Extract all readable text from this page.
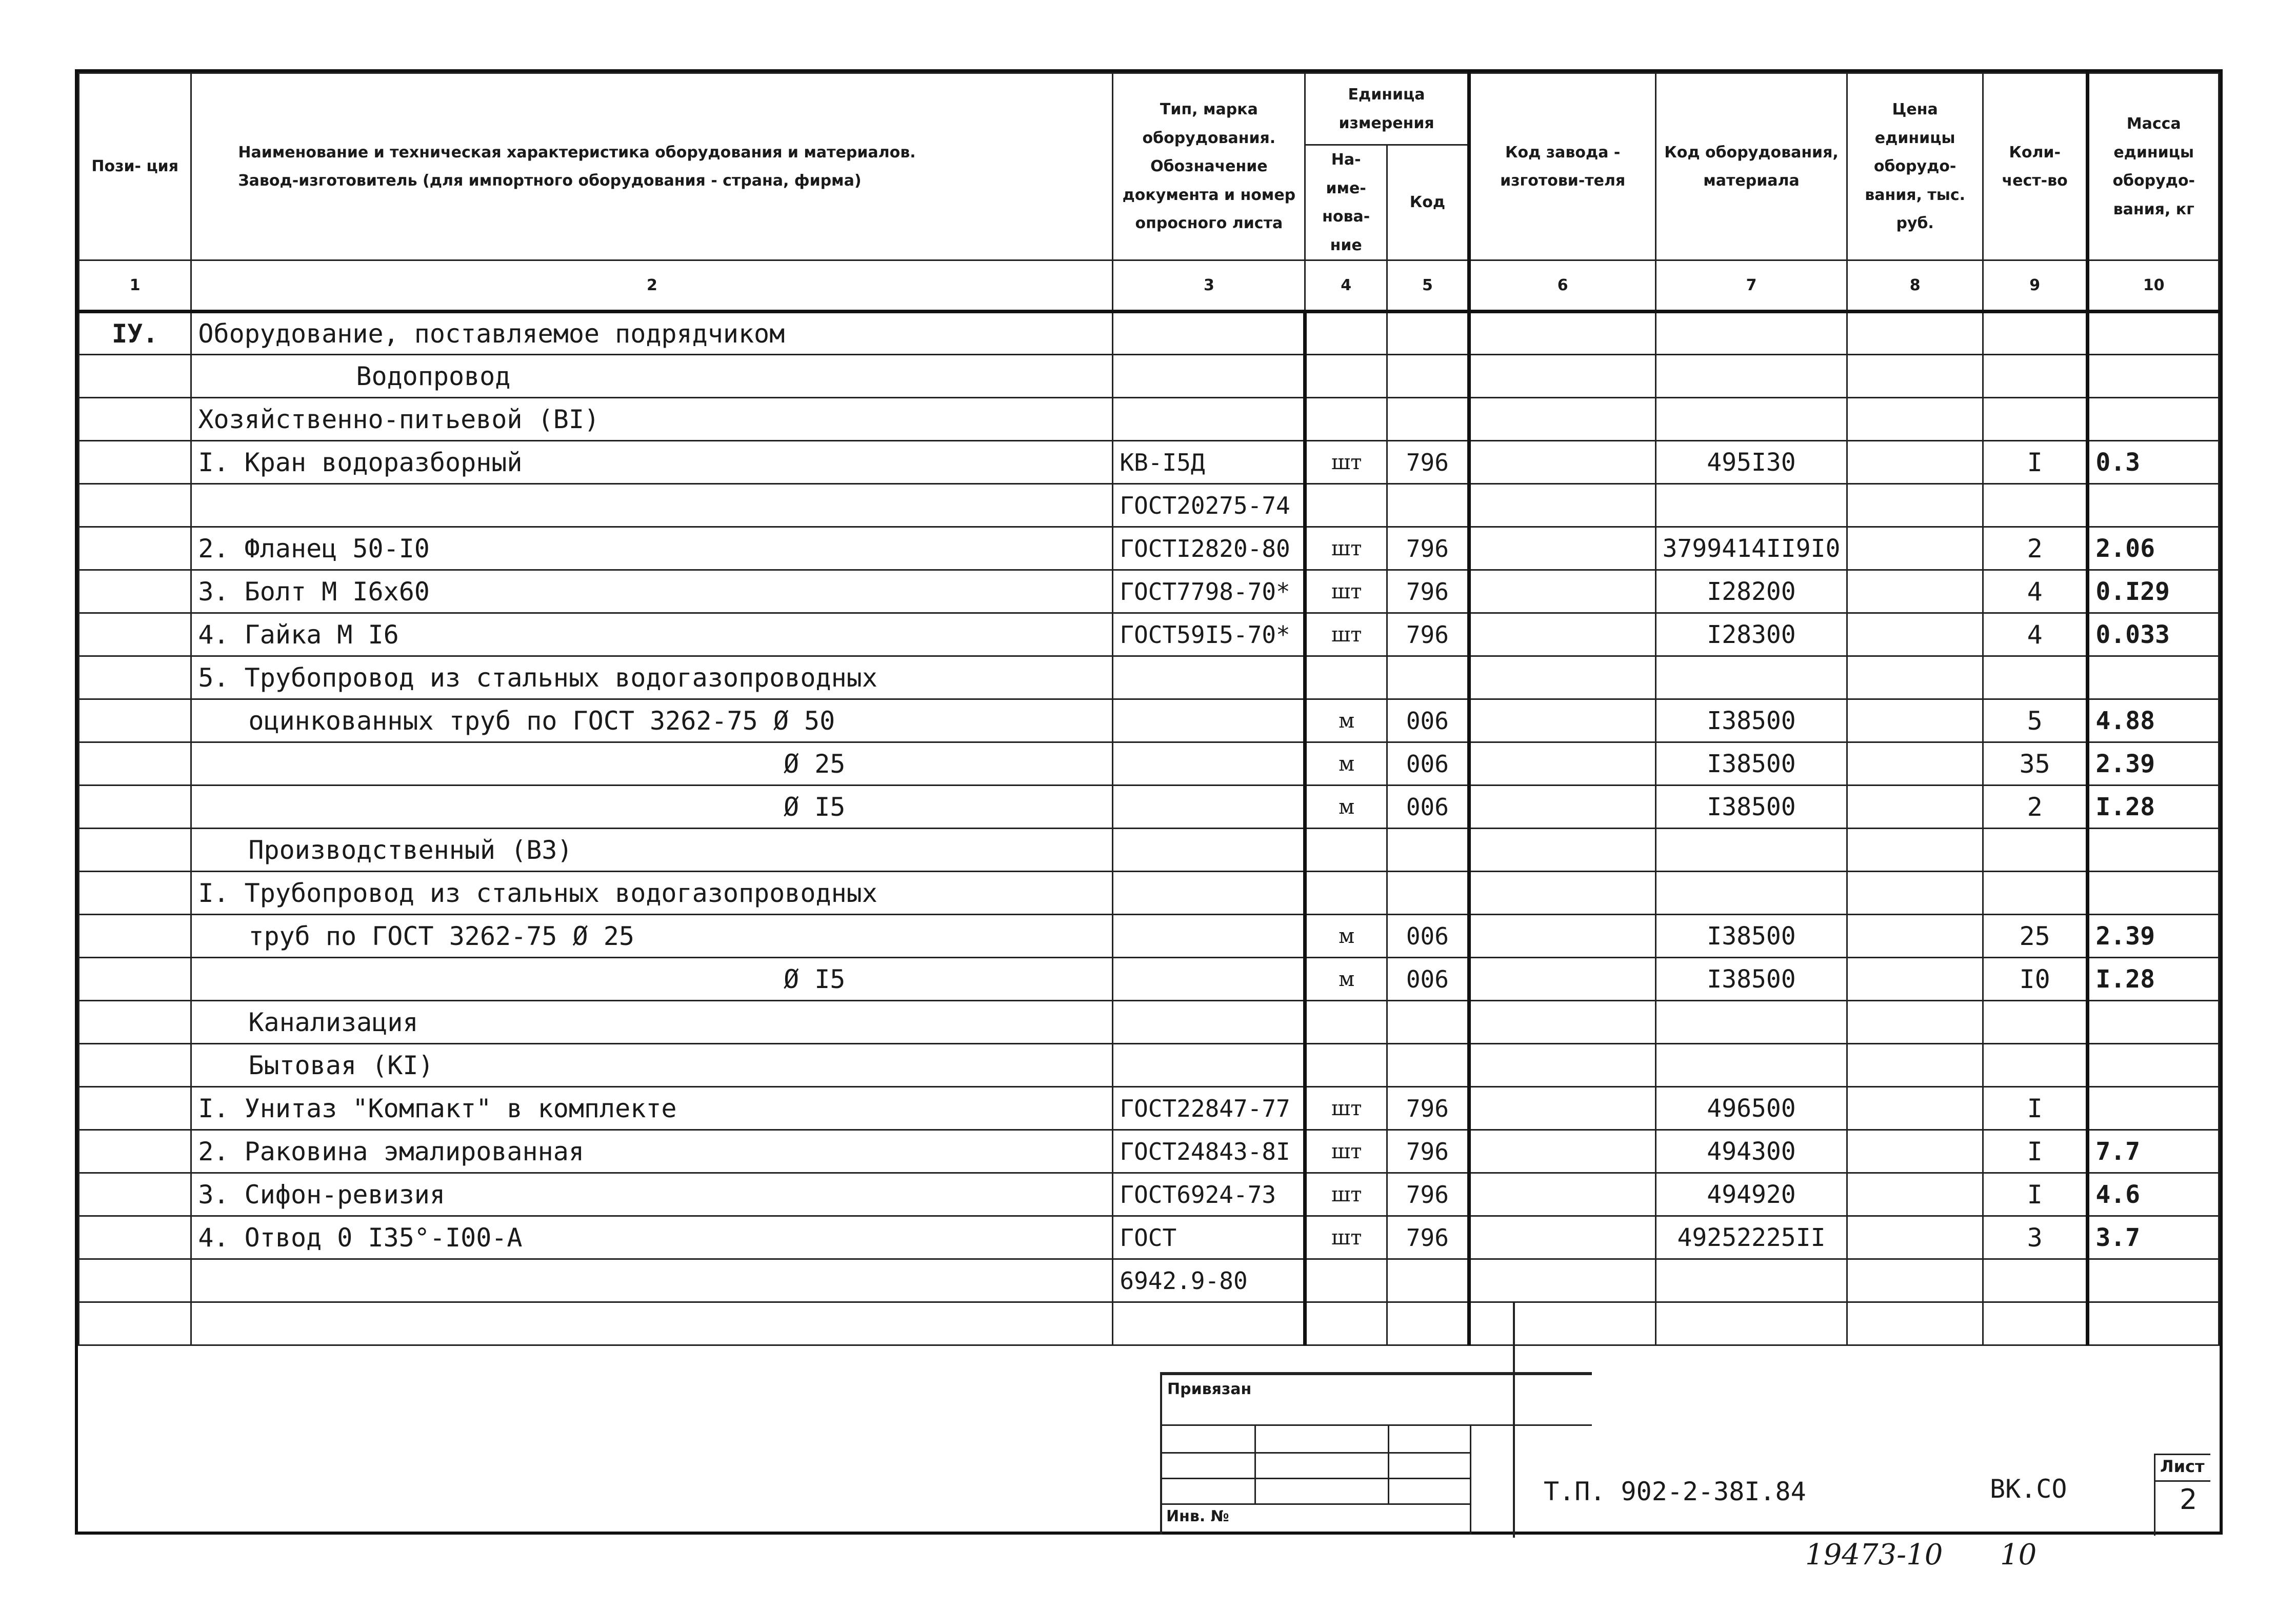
Пози- ция	Наименование и техническая характеристика оборудования и материалов.
Завод-изготовитель (для импортного оборудования - страна, фирма)	Тип, марка оборудования. Обозначение документа и номер опросного листа	Единица измерения		Код завода - изготови-теля	Код оборудования, материала	Цена единицы оборудо-вания, тыс. руб.	Коли-чест-во	Масса единицы оборудо-вания, кг
			На-име-нова-ние	Код					
1	2	3	4	5	6	7	8	9	10
IУ.	Оборудование, поставляемое подрядчиком								
	Водопровод								
	Хозяйственно-питьевой (BI)								
	I. Кран водоразборный	КВ-I5Д	шт	796		495I30		I	0.3
		ГОСТ20275-74							
	2. Фланец 50-I0	ГОСТI2820-80	шт	796		3799414II9I0		2	2.06
	3. Болт М I6x60	ГОСТ7798-70*	шт	796		I28200		4	0.I29
	4. Гайка М I6	ГОСТ59I5-70*	шт	796		I28300		4	0.033
	5. Трубопровод из стальных водогазопроводных								
	оцинкованных труб по ГОСТ 3262-75 Ø 50		м	006		I38500		5	4.88
	Ø 25		м	006		I38500		35	2.39
	Ø I5		м	006		I38500		2	I.28
	Производственный (B3)								
	I. Трубопровод из стальных водогазопроводных								
	труб по ГОСТ 3262-75 Ø 25		м	006		I38500		25	2.39
	Ø I5		м	006		I38500		I0	I.28
	Канализация								
	Бытовая (KI)								
	I. Унитаз "Компакт" в комплекте	ГОСТ22847-77	шт	796		496500		I	
	2. Раковина эмалированная	ГОСТ24843-8I	шт	796		494300		I	7.7
	3. Сифон-ревизия	ГОСТ6924-73	шт	796		494920		I	4.6
	4. Отвод 0 I35°-I00-А	ГОСТ	шт	796		49252225II		3	3.7
		6942.9-80							

Привязан
Инв. №
Т.П. 902-2-38I.84	ВК.СО
Лист
2
19473-10 10
